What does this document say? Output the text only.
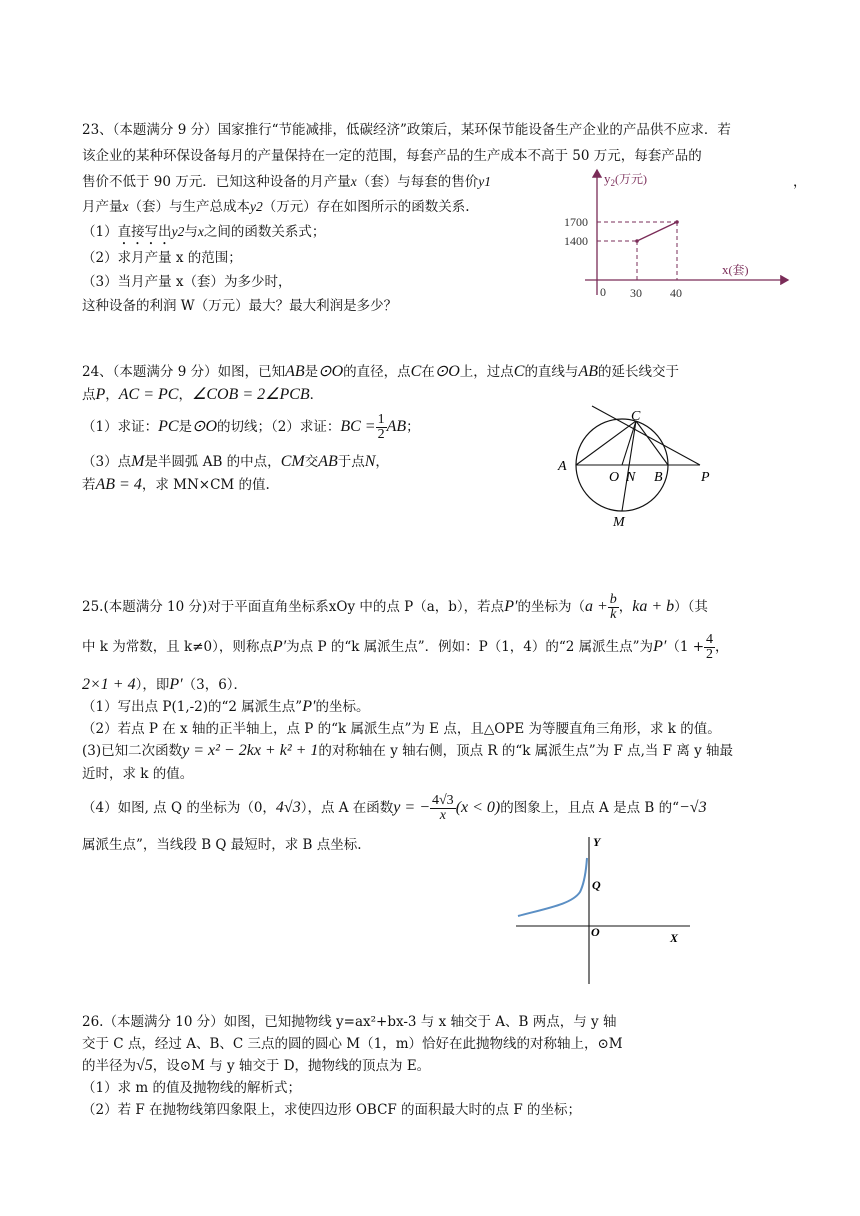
23、（本题满分 9 分）国家推行“节能减排，低碳经济”政策后，某环保节能设备生产企业的产品供不应求．若
该企业的某种环保设备每月的产量保持在一定的范围，每套产品的生产成本不高于 50 万元，每套产品的
售价不低于 90 万元．已知这种设备的月产量x（套）与每套的售价y1	，
月产量x（套）与生产总成本y2（万元）存在如图所示的函数关系.
（1）直接写出y2与x之间的函数关系式；
（2）求月产量 x 的范围；
（3）当月产量 x（套）为多少时，
这种设备的利润 W（万元）最大？最大利润是多少？
$y_2$(万元)
x(套)
1700
1400
0 30 40
24、（本题满分 9 分）如图，已知AB是⊙O的直径，点C在⊙O上，过点C的直线与AB的延长线交于
点P，AC = PC，∠COB = 2∠PCB．
（1）求证：PC是⊙O的切线；（2）求证：BC = $\frac{1}{2}$ AB；
（3）点M是半圆弧 AB 的中点，CM交AB于点N，
若AB = 4，求 MN×CM 的值.
A
C
O N B	P
M
25.(本题满分 10 分)对于平面直角坐标系xOy 中的点 P（a，b），若点P′的坐标为（$a + \frac{b}{k}$ ，ka + b）（其
中 k 为常数，且 k≠0），则称点P′为点 P 的“k 属派生点”．例如：P（1，4）的“2 属派生点”为$P'(1 + \frac{4}{2}$ ，
2×1 + 4），即P′（3，6）．
（1）写出点 P(1,-2)的“2 属派生点”P′的坐标。
（2）若点 P 在 x 轴的正半轴上，点 P 的“k 属派生点”为 E 点，且△OPE 为等腰直角三角形，求 k 的值。
(3)已知二次函数y = x² − 2kx + k² + 1的对称轴在 y 轴右侧，顶点 R 的“k 属派生点”为 F 点,当 F 离 y 轴最
近时，求 k 的值。
（4）如图, 点 Q 的坐标为（0，4√3），点 A 在函数y = − $\frac{4√3}{x} (x < 0)$的图象上，且点 A 是点 B 的“−√3
属派生点”，当线段 B Q 最短时，求 B 点坐标.	Y
Q
O	X
26.（本题满分 10 分）如图，已知抛物线 y=ax²+bx-3 与 x 轴交于 A、B 两点，与 y 轴
交于 C 点，经过 A、B、C 三点的圆的圆心 M（1，m）恰好在此抛物线的对称轴上，⊙M
的半径为√5，设⊙M 与 y 轴交于 D，抛物线的顶点为 E。
（1）求 m 的值及抛物线的解析式；
（2）若 F 在抛物线第四象限上，求使四边形 OBCF 的面积最大时的点 F 的坐标；
